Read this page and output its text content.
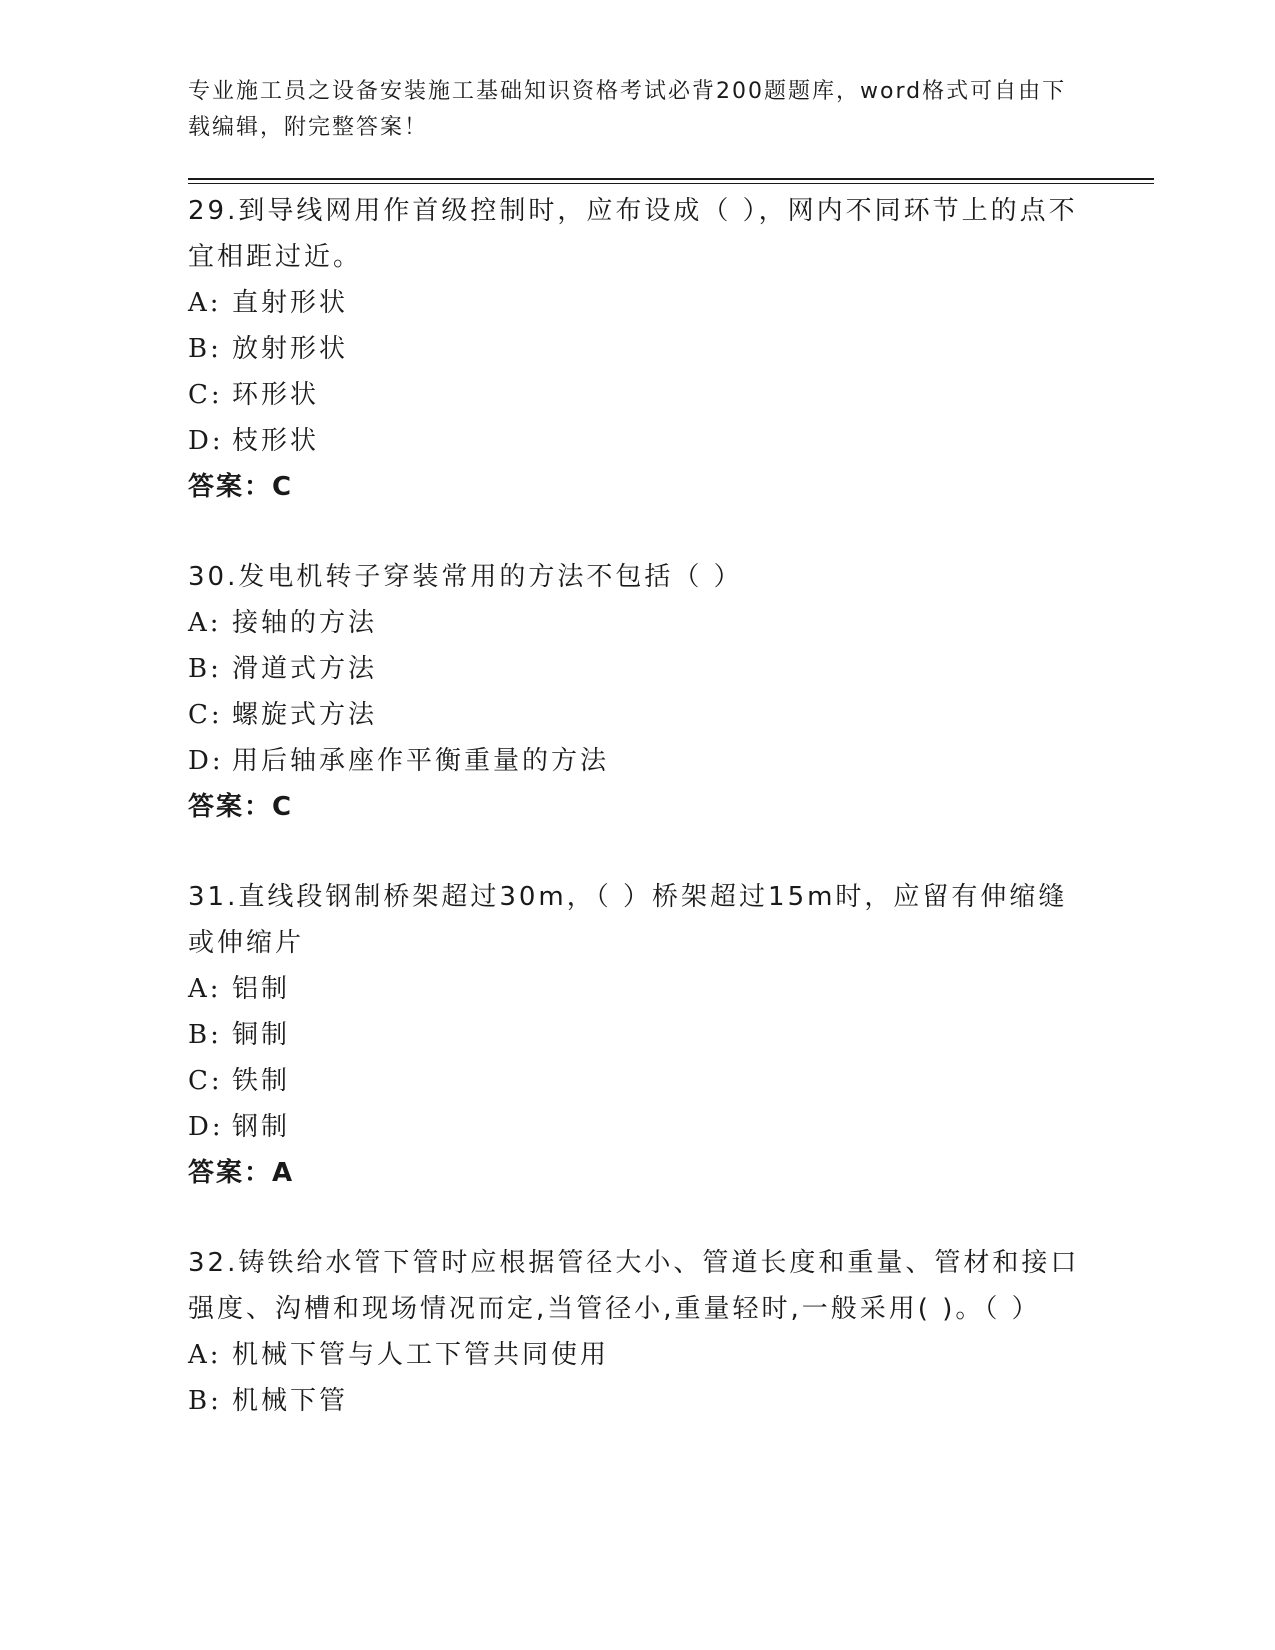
专业施工员之设备安装施工基础知识资格考试必背200题题库，word格式可自由下载编辑，附完整答案！

29.到导线网用作首级控制时，应布设成（ ），网内不同环节上的点不宜相距过近。

A: 直射形状

B: 放射形状

C: 环形状

D: 枝形状

答案：C

30.发电机转子穿装常用的方法不包括（ ）

A: 接轴的方法

B: 滑道式方法

C: 螺旋式方法

D: 用后轴承座作平衡重量的方法

答案：C

31.直线段钢制桥架超过30m，（ ）桥架超过15m时，应留有伸缩缝或伸缩片

A: 铝制

B: 铜制

C: 铁制

D: 钢制

答案：A

32.铸铁给水管下管时应根据管径大小、管道长度和重量、管材和接口强度、沟槽和现场情况而定,当管径小,重量轻时,一般采用( )。（ ）

A: 机械下管与人工下管共同使用

B: 机械下管
